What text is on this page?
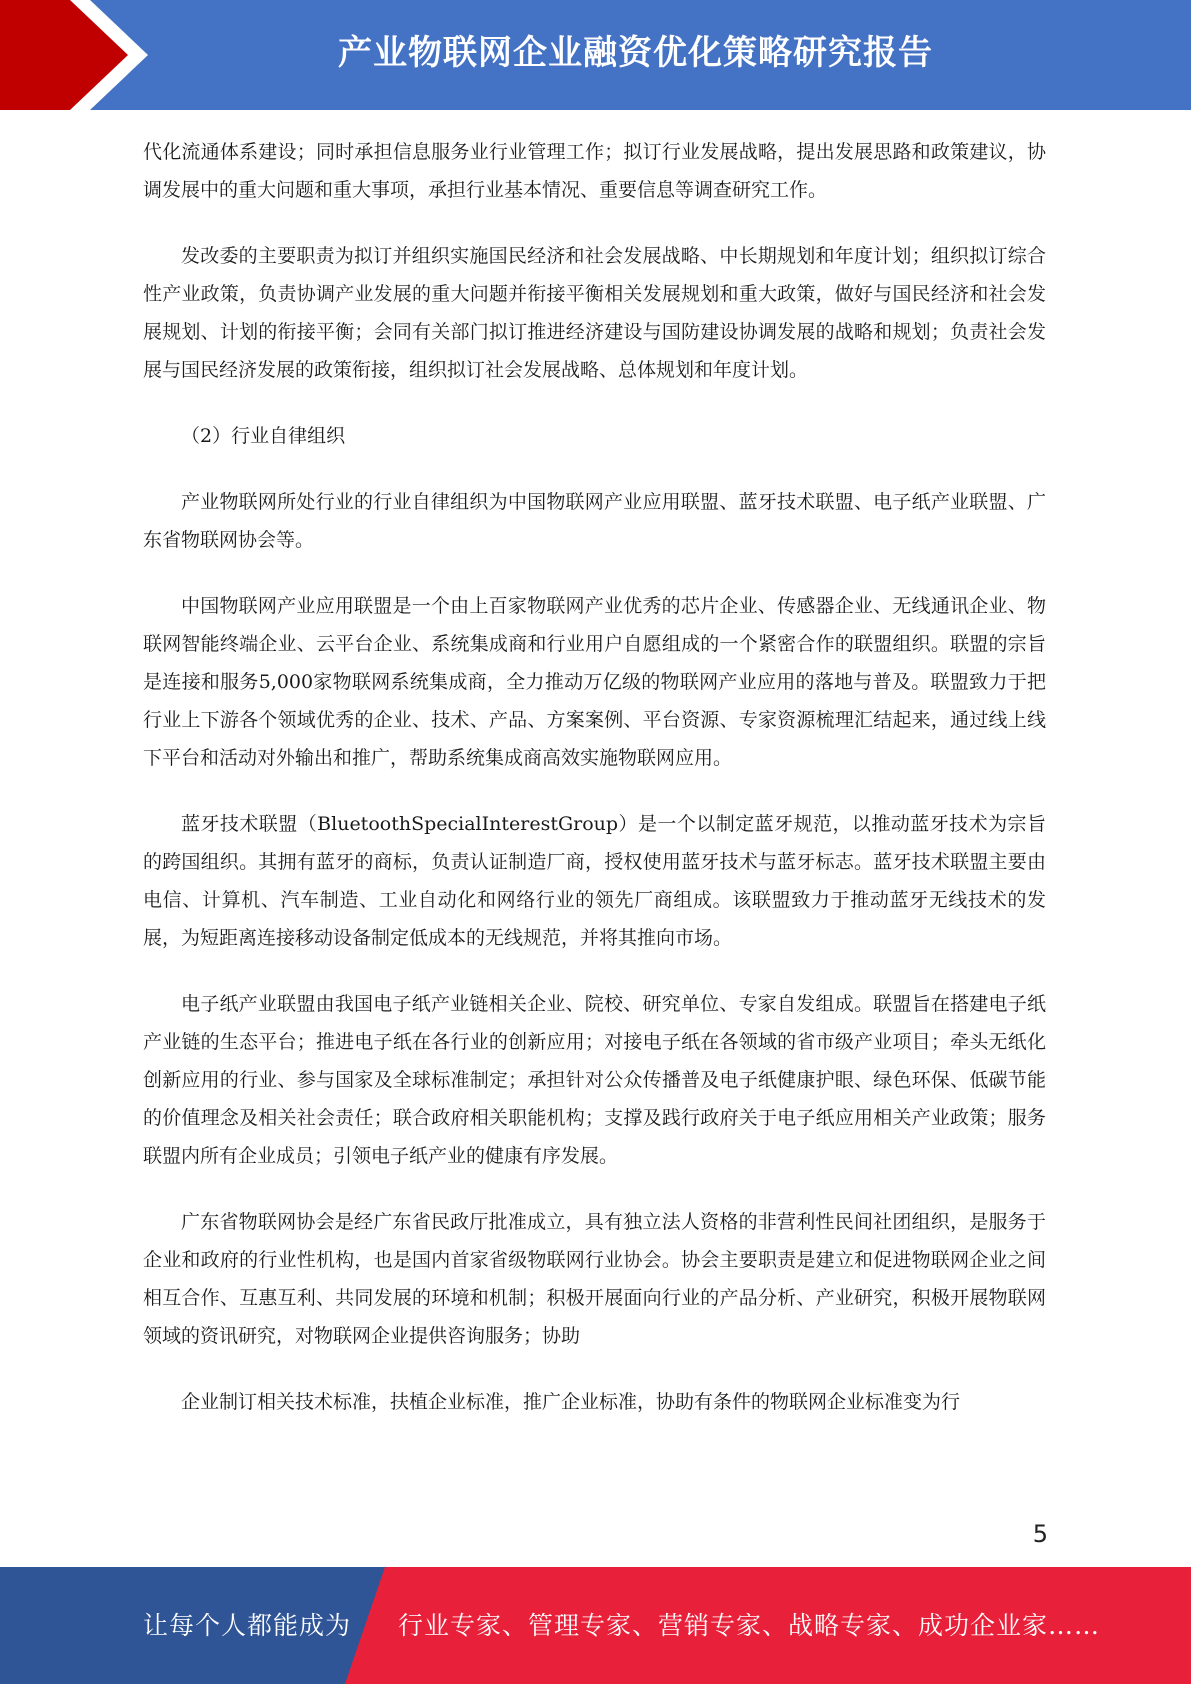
产业物联网企业融资优化策略研究报告

代化流通体系建设；同时承担信息服务业行业管理工作；拟订行业发展战略，提出发展思路和政策建议，协调发展中的重大问题和重大事项，承担行业基本情况、重要信息等调查研究工作。

发改委的主要职责为拟订并组织实施国民经济和社会发展战略、中长期规划和年度计划；组织拟订综合性产业政策，负责协调产业发展的重大问题并衔接平衡相关发展规划和重大政策，做好与国民经济和社会发展规划、计划的衔接平衡；会同有关部门拟订推进经济建设与国防建设协调发展的战略和规划；负责社会发展与国民经济发展的政策衔接，组织拟订社会发展战略、总体规划和年度计划。

（2）行业自律组织

产业物联网所处行业的行业自律组织为中国物联网产业应用联盟、蓝牙技术联盟、电子纸产业联盟、广东省物联网协会等。

中国物联网产业应用联盟是一个由上百家物联网产业优秀的芯片企业、传感器企业、无线通讯企业、物联网智能终端企业、云平台企业、系统集成商和行业用户自愿组成的一个紧密合作的联盟组织。联盟的宗旨是连接和服务5,000家物联网系统集成商，全力推动万亿级的物联网产业应用的落地与普及。联盟致力于把行业上下游各个领域优秀的企业、技术、产品、方案案例、平台资源、专家资源梳理汇结起来，通过线上线下平台和活动对外输出和推广，帮助系统集成商高效实施物联网应用。

蓝牙技术联盟（BluetoothSpecialInterestGroup）是一个以制定蓝牙规范，以推动蓝牙技术为宗旨的跨国组织。其拥有蓝牙的商标，负责认证制造厂商，授权使用蓝牙技术与蓝牙标志。蓝牙技术联盟主要由电信、计算机、汽车制造、工业自动化和网络行业的领先厂商组成。该联盟致力于推动蓝牙无线技术的发展，为短距离连接移动设备制定低成本的无线规范，并将其推向市场。

电子纸产业联盟由我国电子纸产业链相关企业、院校、研究单位、专家自发组成。联盟旨在搭建电子纸产业链的生态平台；推进电子纸在各行业的创新应用；对接电子纸在各领域的省市级产业项目；牵头无纸化创新应用的行业、参与国家及全球标准制定；承担针对公众传播普及电子纸健康护眼、绿色环保、低碳节能的价值理念及相关社会责任；联合政府相关职能机构；支撑及践行政府关于电子纸应用相关产业政策；服务联盟内所有企业成员；引领电子纸产业的健康有序发展。

广东省物联网协会是经广东省民政厅批准成立，具有独立法人资格的非营利性民间社团组织，是服务于企业和政府的行业性机构，也是国内首家省级物联网行业协会。协会主要职责是建立和促进物联网企业之间相互合作、互惠互利、共同发展的环境和机制；积极开展面向行业的产品分析、产业研究，积极开展物联网领域的资讯研究，对物联网企业提供咨询服务；协助

企业制订相关技术标准，扶植企业标准，推广企业标准，协助有条件的物联网企业标准变为行

5
让每个人都能成为 行业专家、管理专家、营销专家、战略专家、成功企业家……
